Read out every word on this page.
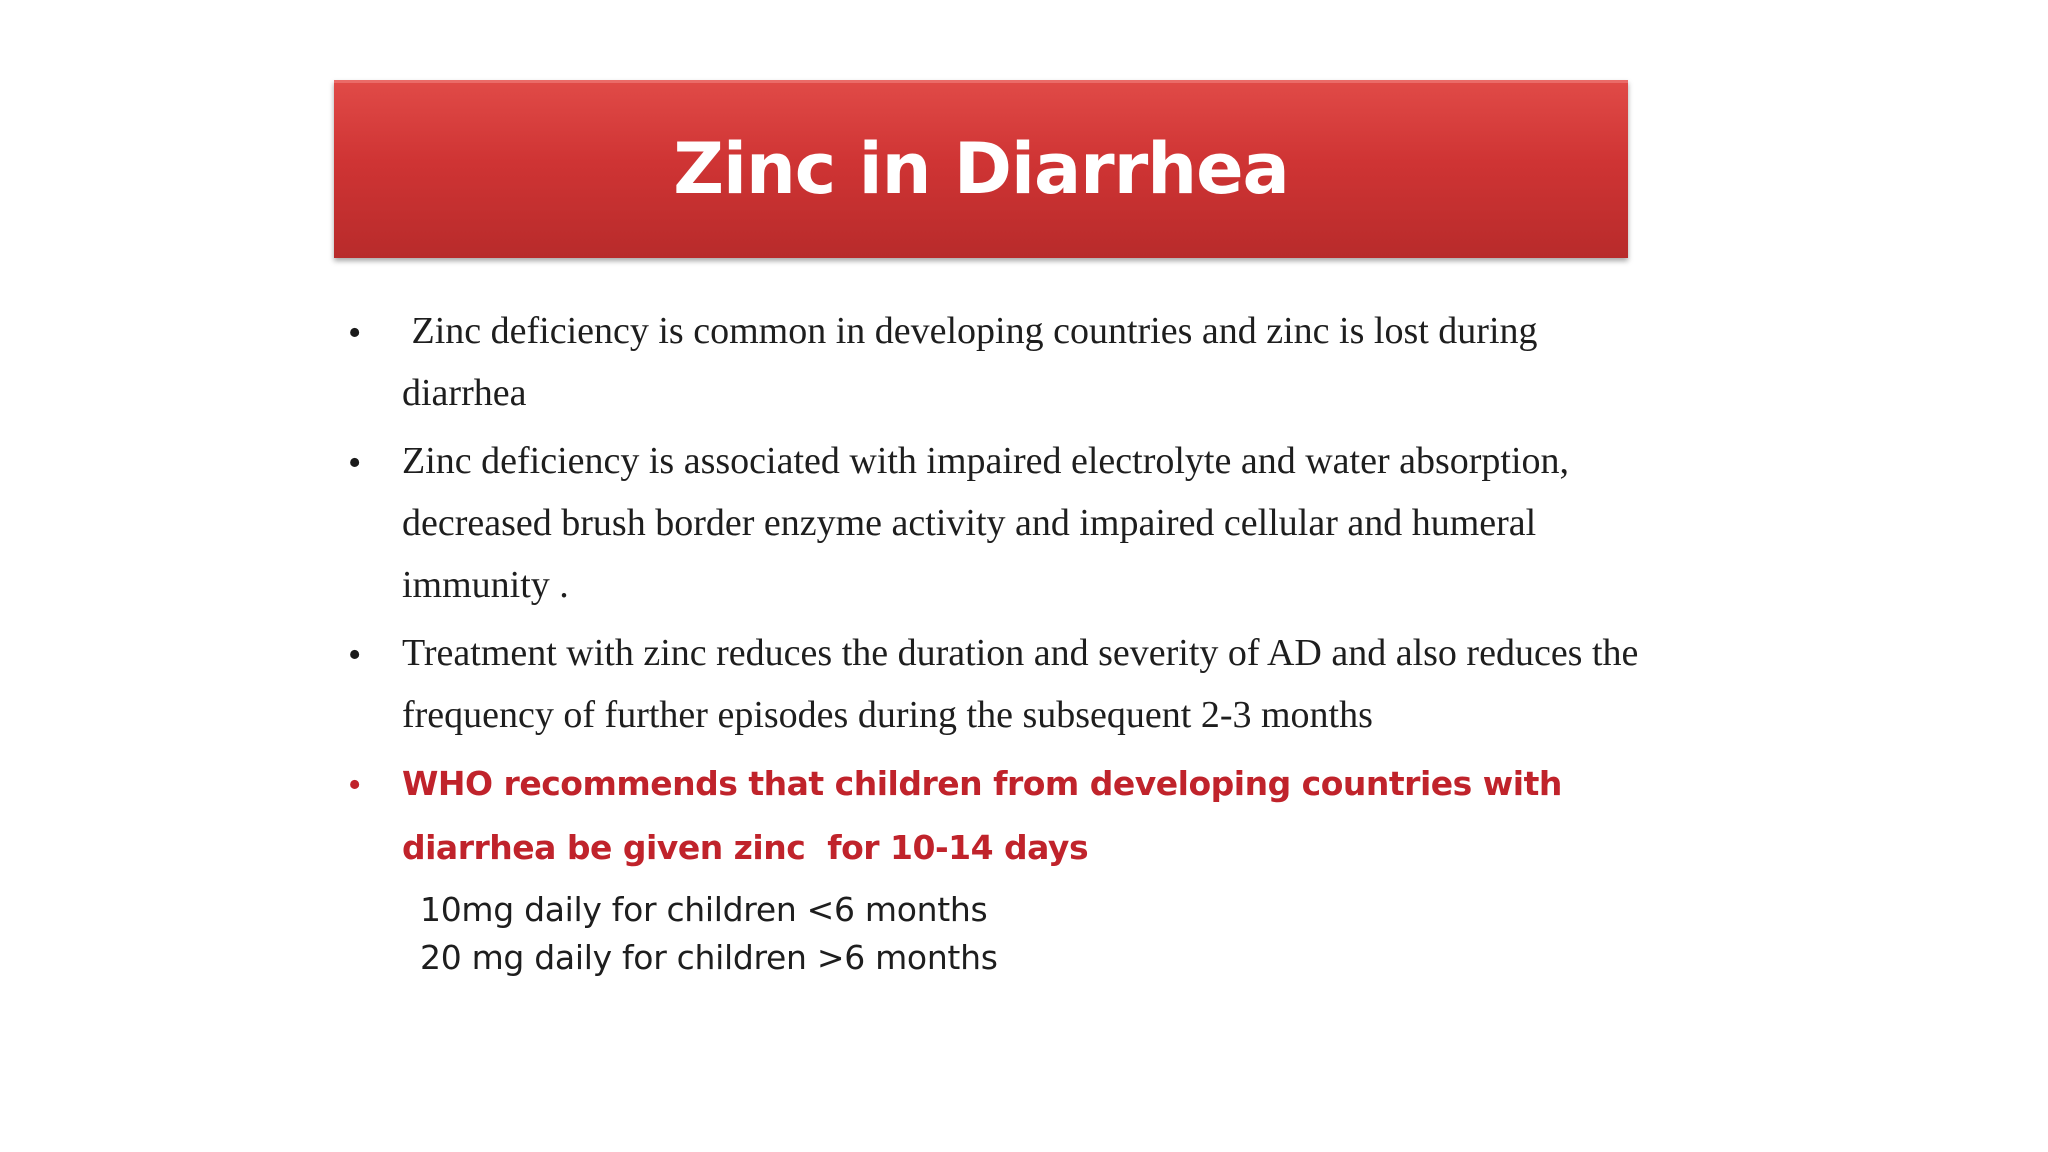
Zinc in Diarrhea
• Zinc deficiency is common in developing countries and zinc is lost during diarrhea
• Zinc deficiency is associated with impaired electrolyte and water absorption, decreased brush border enzyme activity and impaired cellular and humeral immunity .
• Treatment with zinc reduces the duration and severity of AD and also reduces the frequency of further episodes during the subsequent 2-3 months
• WHO recommends that children from developing countries with diarrhea be given zinc  for 10-14 days
10mg daily for children <6 months
20 mg daily for children >6 months
